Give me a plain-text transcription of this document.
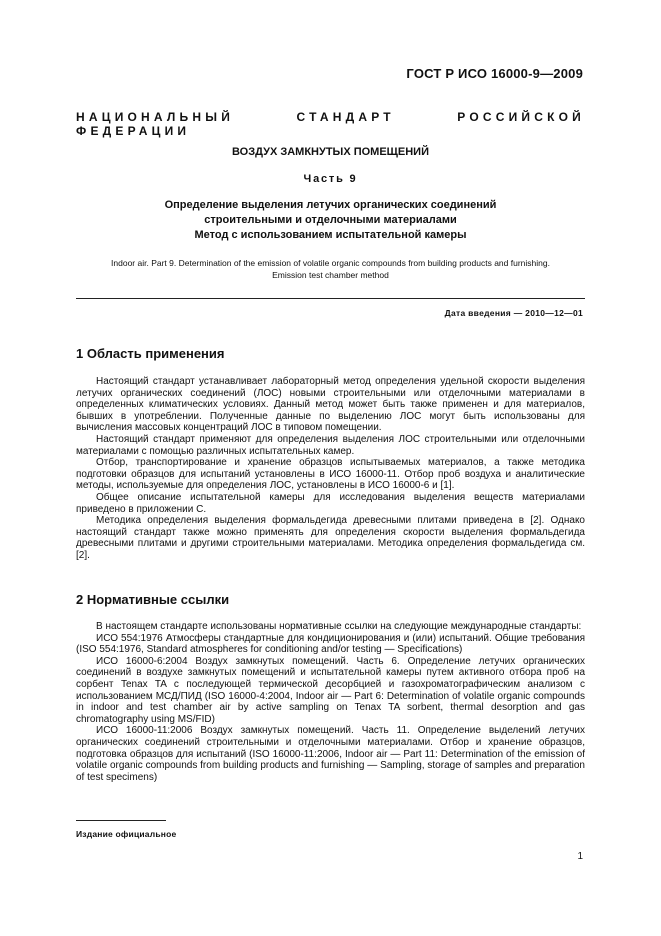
ГОСТ Р ИСО 16000-9—2009
НАЦИОНАЛЬНЫЙ СТАНДАРТ РОССИЙСКОЙ ФЕДЕРАЦИИ
ВОЗДУХ ЗАМКНУТЫХ ПОМЕЩЕНИЙ
Часть 9
Определение выделения летучих органических соединений
строительными и отделочными материалами
Метод с использованием испытательной камеры
Indoor air. Part 9. Determination of the emission of volatile organic compounds from building products and furnishing.
Emission test chamber method
Дата введения — 2010—12—01
1 Область применения

Настоящий стандарт устанавливает лабораторный метод определения удельной скорости выделения летучих органических соединений (ЛОС) новыми строительными или отделочными материалами в определенных климатических условиях. Данный метод может быть также применен и для материалов, бывших в употреблении. Полученные данные по выделению ЛОС могут быть использованы для вычисления массовых концентраций ЛОС в типовом помещении.

Настоящий стандарт применяют для определения выделения ЛОС строительными или отделочными материалами с помощью различных испытательных камер.

Отбор, транспортирование и хранение образцов испытываемых материалов, а также методика подготовки образцов для испытаний установлены в ИСО 16000-11. Отбор проб воздуха и аналитические методы, используемые для определения ЛОС, установлены в ИСО 16000-6 и [1].

Общее описание испытательной камеры для исследования выделения веществ материалами приведено в приложении С.

Методика определения выделения формальдегида древесными плитами приведена в [2]. Однако настоящий стандарт также можно применять для определения скорости выделения формальдегида древесными плитами и другими строительными материалами. Методика определения формальдегида см. [2].

2 Нормативные ссылки

В настоящем стандарте использованы нормативные ссылки на следующие международные стандарты:

ИСО 554:1976 Атмосферы стандартные для кондиционирования и (или) испытаний. Общие требования (ISO 554:1976, Standard atmospheres for conditioning and/or testing — Specifications)

ИСО 16000-6:2004 Воздух замкнутых помещений. Часть 6. Определение летучих органических соединений в воздухе замкнутых помещений и испытательной камеры путем активного отбора проб на сорбент Tenax TA с последующей термической десорбцией и газохроматографическим анализом с использованием МСД/ПИД (ISO 16000-4:2004, Indoor air — Part 6: Determination of volatile organic compounds in indoor and test chamber air by active sampling on Tenax TA sorbent, thermal desorption and gas chromatography using MS/FID)

ИСО 16000-11:2006 Воздух замкнутых помещений. Часть 11. Определение выделений летучих органических соединений строительными и отделочными материалами. Отбор и хранение образцов, подготовка образцов для испытаний (ISO 16000-11:2006, Indoor air — Part 11: Determination of the emission of volatile organic compounds from building products and furnishing — Sampling, storage of samples and preparation of test specimens)

Издание официальное
1
